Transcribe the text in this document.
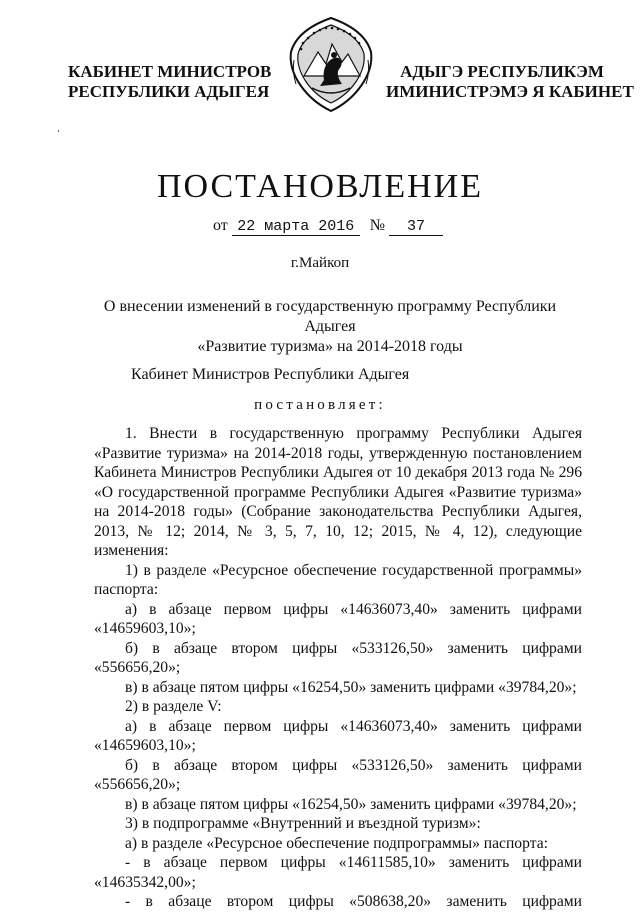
КАБИНЕТ МИНИСТРОВ
РЕСПУБЛИКИ АДЫГЕЯ
АДЫГЭ РЕСПУБЛИКЭМ
ИМИНИСТРЭМЭ Я КАБИНЕТ
ПОСТАНОВЛЕНИЕ
от 22 марта 2016 № 37
г.Майкоп
О внесении изменений в государственную программу Республики Адыгея
«Развитие туризма» на 2014-2018 годы
Кабинет Министров Республики Адыгея
постановляет:

1. Внести в государственную программу Республики Адыгея «Развитие туризма» на 2014-2018 годы, утвержденную постановлением Кабинета Министров Республики Адыгея от 10 декабря 2013 года № 296 «О государственной программе Республики Адыгея «Развитие туризма» на 2014-2018 годы» (Собрание законодательства Республики Адыгея, 2013, № 12; 2014, № 3, 5, 7, 10, 12; 2015, № 4, 12), следующие изменения:

1) в разделе «Ресурсное обеспечение государственной программы» паспорта:

а) в абзаце первом цифры «14636073,40» заменить цифрами «14659603,10»;

б) в абзаце втором цифры «533126,50» заменить цифрами «556656,20»;

в) в абзаце пятом цифры «16254,50» заменить цифрами «39784,20»;

2) в разделе V:

а) в абзаце первом цифры «14636073,40» заменить цифрами «14659603,10»;

б) в абзаце втором цифры «533126,50» заменить цифрами «556656,20»;

в) в абзаце пятом цифры «16254,50» заменить цифрами «39784,20»;

3) в подпрограмме «Внутренний и въездной туризм»:

а) в разделе «Ресурсное обеспечение подпрограммы» паспорта:

- в абзаце первом цифры «14611585,10» заменить цифрами «14635342,00»;

- в абзаце втором цифры «508638,20» заменить цифрами
